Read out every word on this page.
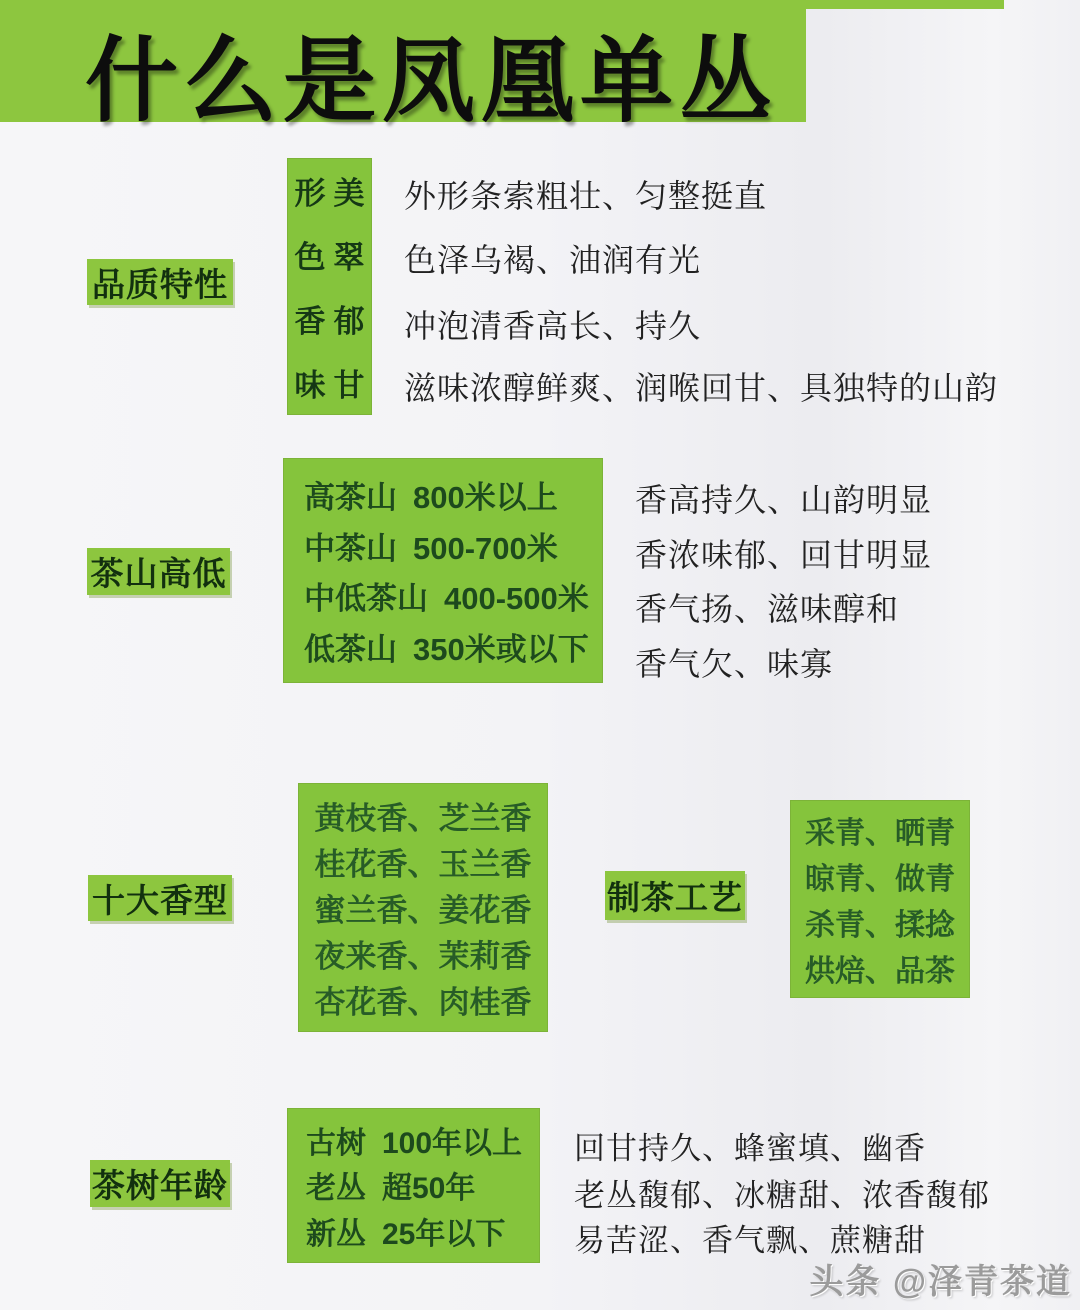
什么是凤凰单丛
品质特性
形美
色翠
香郁
味甘
外形条索粗壮、匀整挺直
色泽乌褐、油润有光
冲泡清香高长、持久
滋味浓醇鲜爽、润喉回甘、具独特的山韵
茶山高低
高茶山 800米以上
中茶山 500-700米
中低茶山 400-500米
低茶山 350米或以下
香高持久、山韵明显
香浓味郁、回甘明显
香气扬、滋味醇和
香气欠、味寡
十大香型
黄枝香、芝兰香
桂花香、玉兰香
蜜兰香、姜花香
夜来香、茉莉香
杏花香、肉桂香
制茶工艺
采青、晒青
晾青、做青
杀青、揉捻
烘焙、品茶
茶树年龄
古树 100年以上
老丛 超50年
新丛 25年以下
回甘持久、蜂蜜填、幽香
老丛馥郁、冰糖甜、浓香馥郁
易苦涩、香气飘、蔗糖甜
头条 @泽青茶道
